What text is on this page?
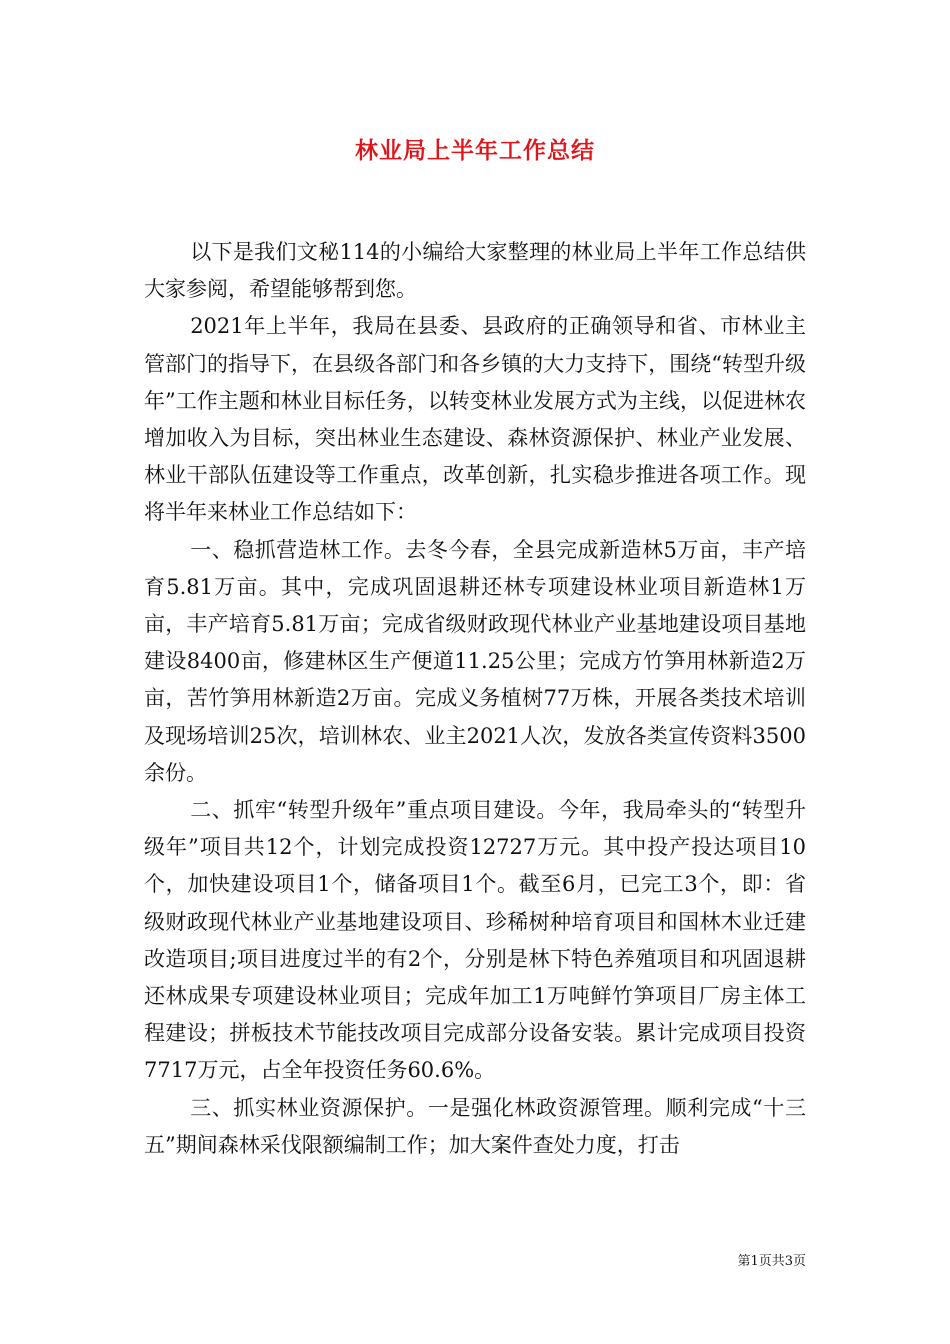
林业局上半年工作总结

以下是我们文秘114的小编给大家整理的林业局上半年工作总结供大家参阅，希望能够帮到您。

2021年上半年，我局在县委、县政府的正确领导和省、市林业主管部门的指导下，在县级各部门和各乡镇的大力支持下，围绕“转型升级年”工作主题和林业目标任务，以转变林业发展方式为主线，以促进林农增加收入为目标，突出林业生态建设、森林资源保护、林业产业发展、林业干部队伍建设等工作重点，改革创新，扎实稳步推进各项工作。现将半年来林业工作总结如下：

一、稳抓营造林工作。去冬今春，全县完成新造林5万亩，丰产培育5.81万亩。其中，完成巩固退耕还林专项建设林业项目新造林1万亩，丰产培育5.81万亩；完成省级财政现代林业产业基地建设项目基地建设8400亩，修建林区生产便道11.25公里；完成方竹笋用林新造2万亩，苦竹笋用林新造2万亩。完成义务植树77万株，开展各类技术培训及现场培训25次，培训林农、业主2021人次，发放各类宣传资料3500余份。

二、抓牢“转型升级年”重点项目建设。今年，我局牵头的“转型升级年”项目共12个，计划完成投资12727万元。其中投产投达项目10个，加快建设项目1个，储备项目1个。截至6月，已完工3个，即：省级财政现代林业产业基地建设项目、珍稀树种培育项目和国林木业迁建改造项目;项目进度过半的有2个，分别是林下特色养殖项目和巩固退耕还林成果专项建设林业项目；完成年加工1万吨鲜竹笋项目厂房主体工程建设；拼板技术节能技改项目完成部分设备安装。累计完成项目投资7717万元，占全年投资任务60.6%。

三、抓实林业资源保护。一是强化林政资源管理。顺利完成“十三五”期间森林采伐限额编制工作；加大案件查处力度，打击

第1页共3页
